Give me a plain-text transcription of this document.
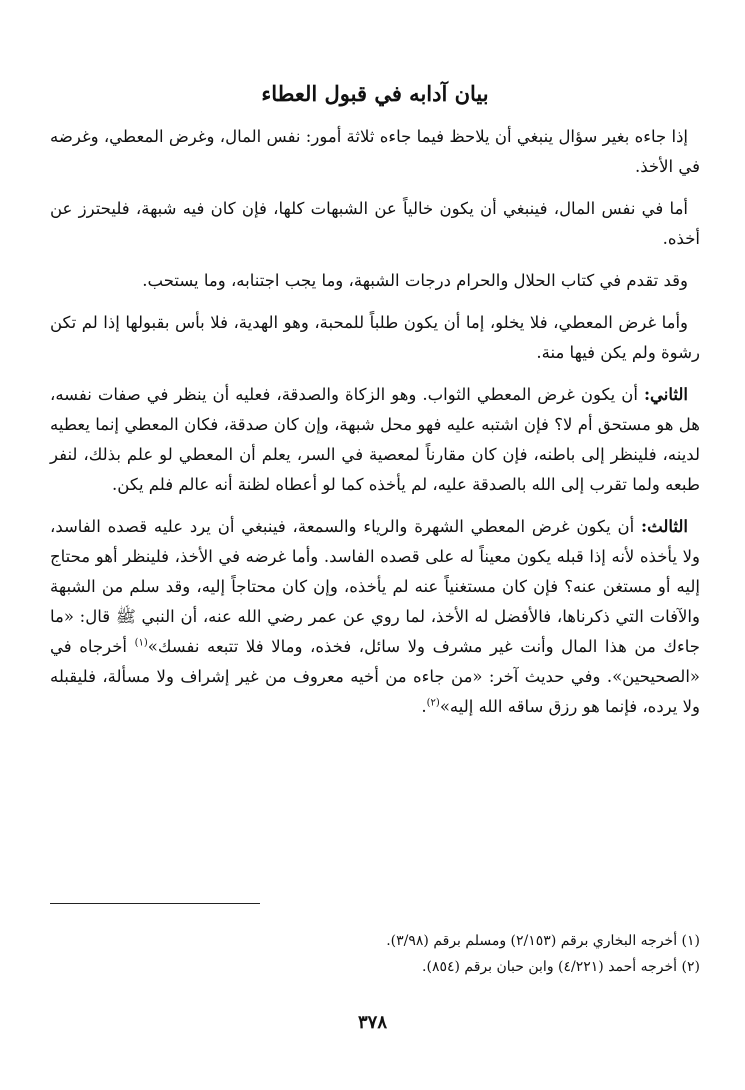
بيان آدابه في قبول العطاء

إذا جاءه بغير سؤال ينبغي أن يلاحظ فيما جاءه ثلاثة أمور: نفس المال، وغرض المعطي، وغرضه في الأخذ.

أما في نفس المال، فينبغي أن يكون خالياً عن الشبهات كلها، فإن كان فيه شبهة، فليحترز عن أخذه.

وقد تقدم في كتاب الحلال والحرام درجات الشبهة، وما يجب اجتنابه، وما يستحب.

وأما غرض المعطي، فلا يخلو، إما أن يكون طلباً للمحبة، وهو الهدية، فلا بأس بقبولها إذا لم تكن رشوة ولم يكن فيها منة.

الثاني: أن يكون غرض المعطي الثواب. وهو الزكاة والصدقة، فعليه أن ينظر في صفات نفسه، هل هو مستحق أم لا؟ فإن اشتبه عليه فهو محل شبهة، وإن كان صدقة، فكان المعطي إنما يعطيه لدينه، فلينظر إلى باطنه، فإن كان مقارناً لمعصية في السر، يعلم أن المعطي لو علم بذلك، لنفر طبعه ولما تقرب إلى الله بالصدقة عليه، لم يأخذه كما لو أعطاه لظنة أنه عالم فلم يكن.

الثالث: أن يكون غرض المعطي الشهرة والرياء والسمعة، فينبغي أن يرد عليه قصده الفاسد، ولا يأخذه لأنه إذا قبله يكون معيناً له على قصده الفاسد. وأما غرضه في الأخذ، فلينظر أهو محتاج إليه أو مستغن عنه؟ فإن كان مستغنياً عنه لم يأخذه، وإن كان محتاجاً إليه، وقد سلم من الشبهة والآفات التي ذكرناها، فالأفضل له الأخذ، لما روي عن عمر رضي الله عنه، أن النبي ﷺ قال: «ما جاءك من هذا المال وأنت غير مشرف ولا سائل، فخذه، ومالا فلا تتبعه نفسك»$^{(١)}$ أخرجاه في «الصحيحين». وفي حديث آخر: «من جاءه من أخيه معروف من غير إشراف ولا مسألة، فليقبله ولا يرده، فإنما هو رزق ساقه الله إليه»$^{(٢)}$.

(١) أخرجه البخاري برقم (٢/١٥٣) ومسلم برقم (٣/٩٨).

(٢) أخرجه أحمد (٤/٢٢١) وابن حبان برقم (٨٥٤).

٣٧٨
